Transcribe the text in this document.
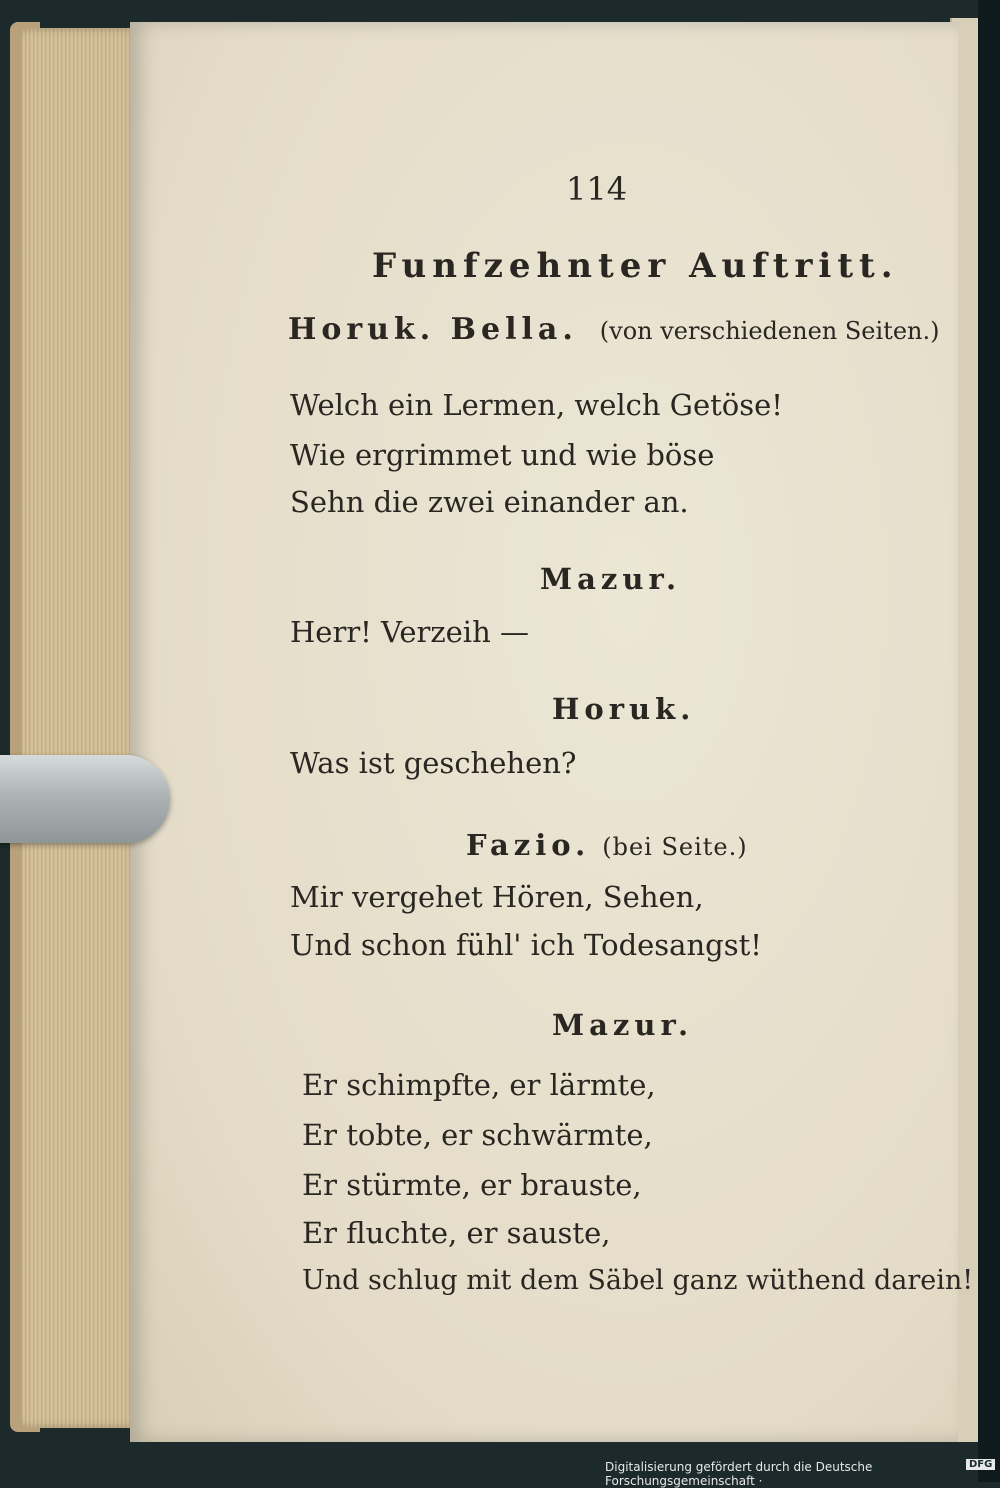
114
Funfzehnter Auftritt.
Horuk. Bella. (von verschiedenen Seiten.)
Welch ein Lermen, welch Getöse!
Wie ergrimmet und wie böse
Sehn die zwei einander an.
Mazur.
Herr! Verzeih —
Horuk.
Was ist geschehen?
Fazio. (bei Seite.)
Mir vergehet Hören, Sehen,
Und schon fühl' ich Todesangst!
Mazur.
Er schimpfte, er lärmte,
Er tobte, er schwärmte,
Er stürmte, er brauste,
Er fluchte, er sauste,
Und schlug mit dem Säbel ganz wüthend darein!
Digitalisierung gefördert durch die Deutsche Forschungsgemeinschaft ·
DFG
